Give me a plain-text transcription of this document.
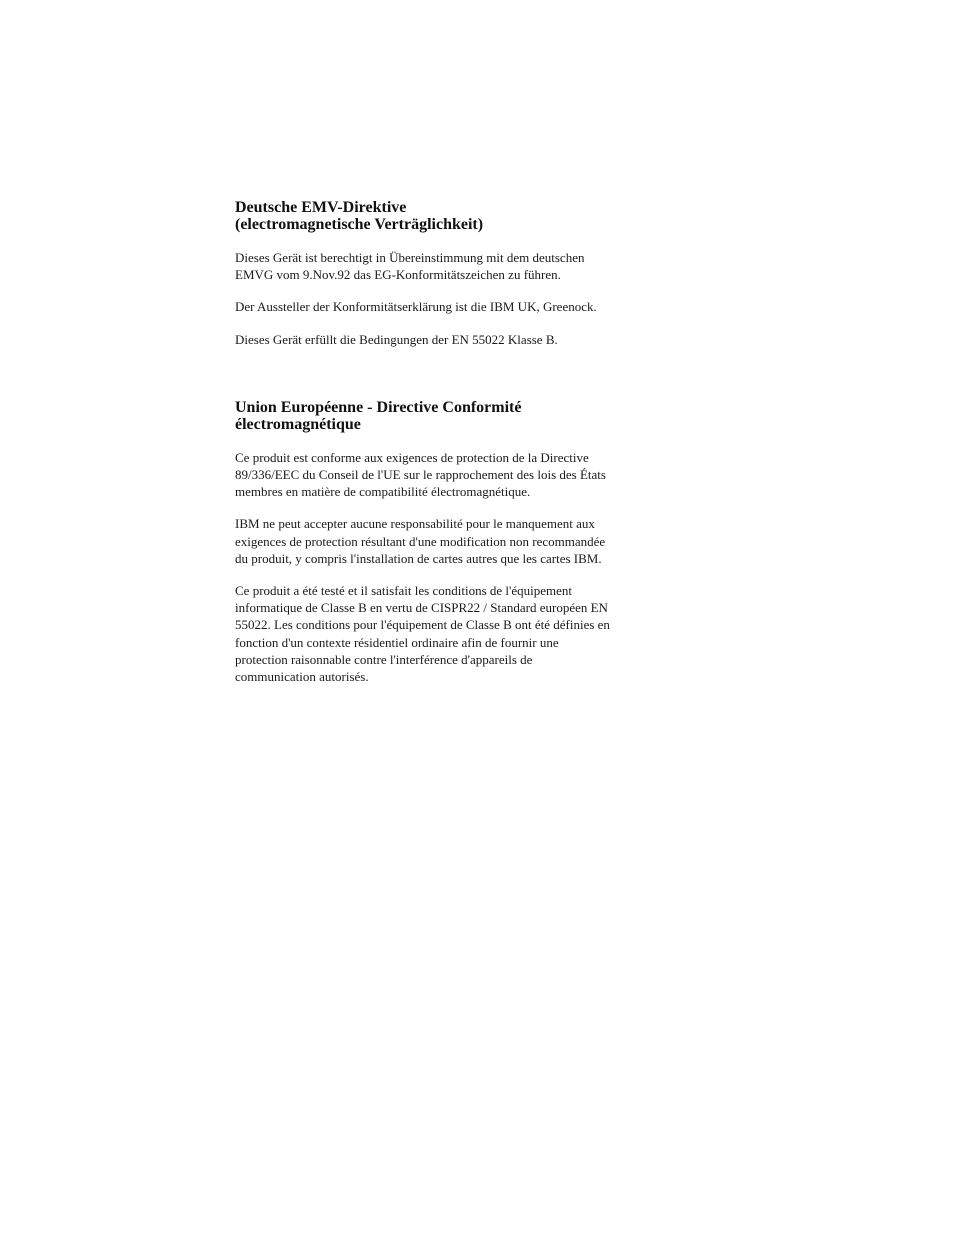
Deutsche EMV-Direktive
(electromagnetische Verträglichkeit)

Dieses Gerät ist berechtigt in Übereinstimmung mit dem deutschen
EMVG vom 9.Nov.92 das EG-Konformitätszeichen zu führen.

Der Aussteller der Konformitätserklärung ist die IBM UK, Greenock.

Dieses Gerät erfüllt die Bedingungen der EN 55022 Klasse B.

Union Européenne - Directive Conformité
électromagnétique

Ce produit est conforme aux exigences de protection de la Directive
89/336/EEC du Conseil de l'UE sur le rapprochement des lois des États
membres en matière de compatibilité électromagnétique.

IBM ne peut accepter aucune responsabilité pour le manquement aux
exigences de protection résultant d'une modification non recommandée
du produit, y compris l'installation de cartes autres que les cartes IBM.

Ce produit a été testé et il satisfait les conditions de l'équipement
informatique de Classe B en vertu de CISPR22 / Standard européen EN
55022. Les conditions pour l'équipement de Classe B ont été définies en
fonction d'un contexte résidentiel ordinaire afin de fournir une
protection raisonnable contre l'interférence d'appareils de
communication autorisés.
